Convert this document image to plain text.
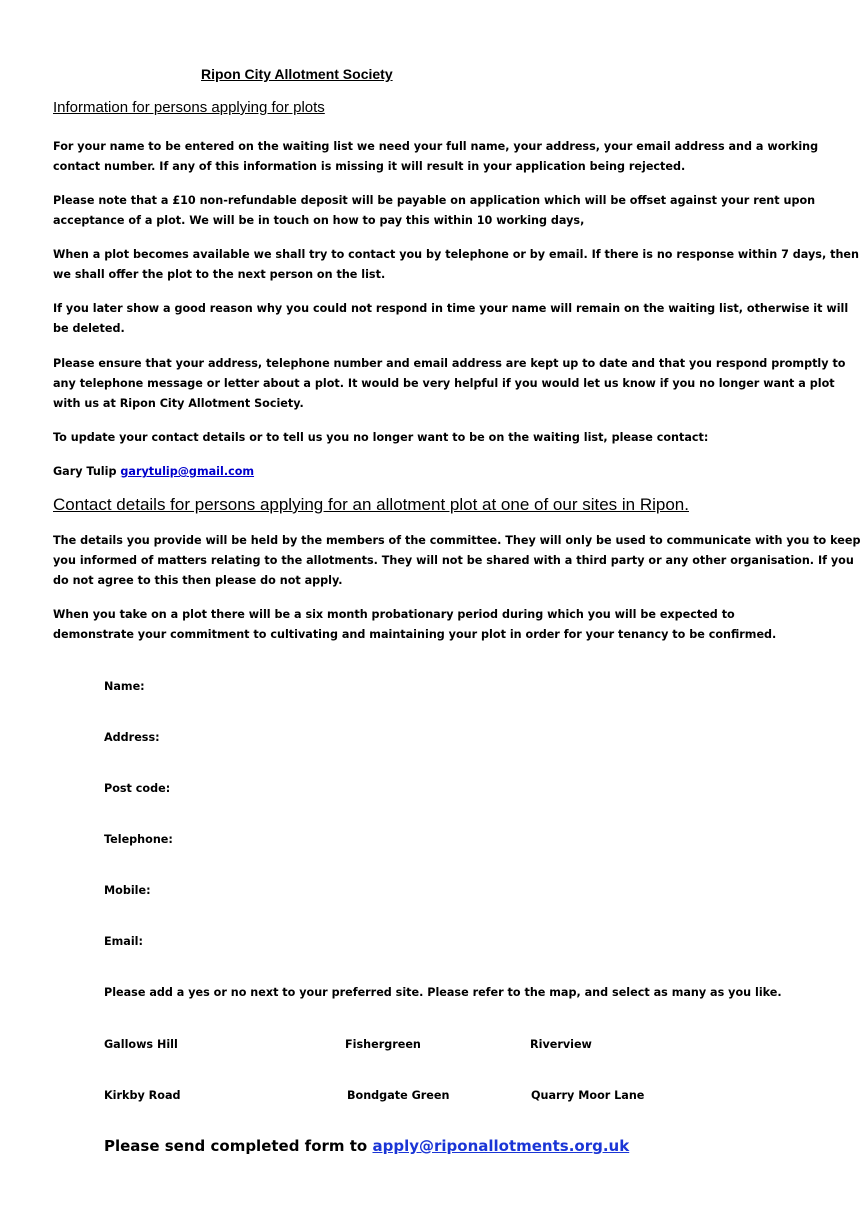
Ripon City Allotment Society
Information for persons applying for plots
For your name to be entered on the waiting list we need your full name, your address, your email address and a working contact number. If any of this information is missing it will result in your application being rejected.
Please note that a £10 non-refundable deposit will be payable on application which will be offset against your rent upon acceptance of a plot. We will be in touch on how to pay this within 10 working days,
When a plot becomes available we shall try to contact you by telephone or by email. If there is no response within 7 days, then we shall offer the plot to the next person on the list.
If you later show a good reason why you could not respond in time your name will remain on the waiting list, otherwise it will be deleted.
Please ensure that your address, telephone number and email address are kept up to date and that you respond promptly to any telephone message or letter about a plot. It would be very helpful if you would let us know if you no longer want a plot with us at Ripon City Allotment Society.
To update your contact details or to tell us you no longer want to be on the waiting list, please contact:
Gary Tulip garytulip@gmail.com
Contact details for persons applying for an allotment plot at one of our sites in Ripon.
The details you provide will be held by the members of the committee. They will only be used to communicate with you to keep you informed of matters relating to the allotments. They will not be shared with a third party or any other organisation. If you do not agree to this then please do not apply.
When you take on a plot there will be a six month probationary period during which you will be expected to
demonstrate your commitment to cultivating and maintaining your plot in order for your tenancy to be confirmed.
Name:
Address:
Post code:
Telephone:
Mobile:
Email:
Please add a yes or no next to your preferred site. Please refer to the map, and select as many as you like.
Gallows Hill	Fishergreen	Riverview
Kirkby Road	Bondgate Green	Quarry Moor Lane
Please send completed form to apply@riponallotments.org.uk
